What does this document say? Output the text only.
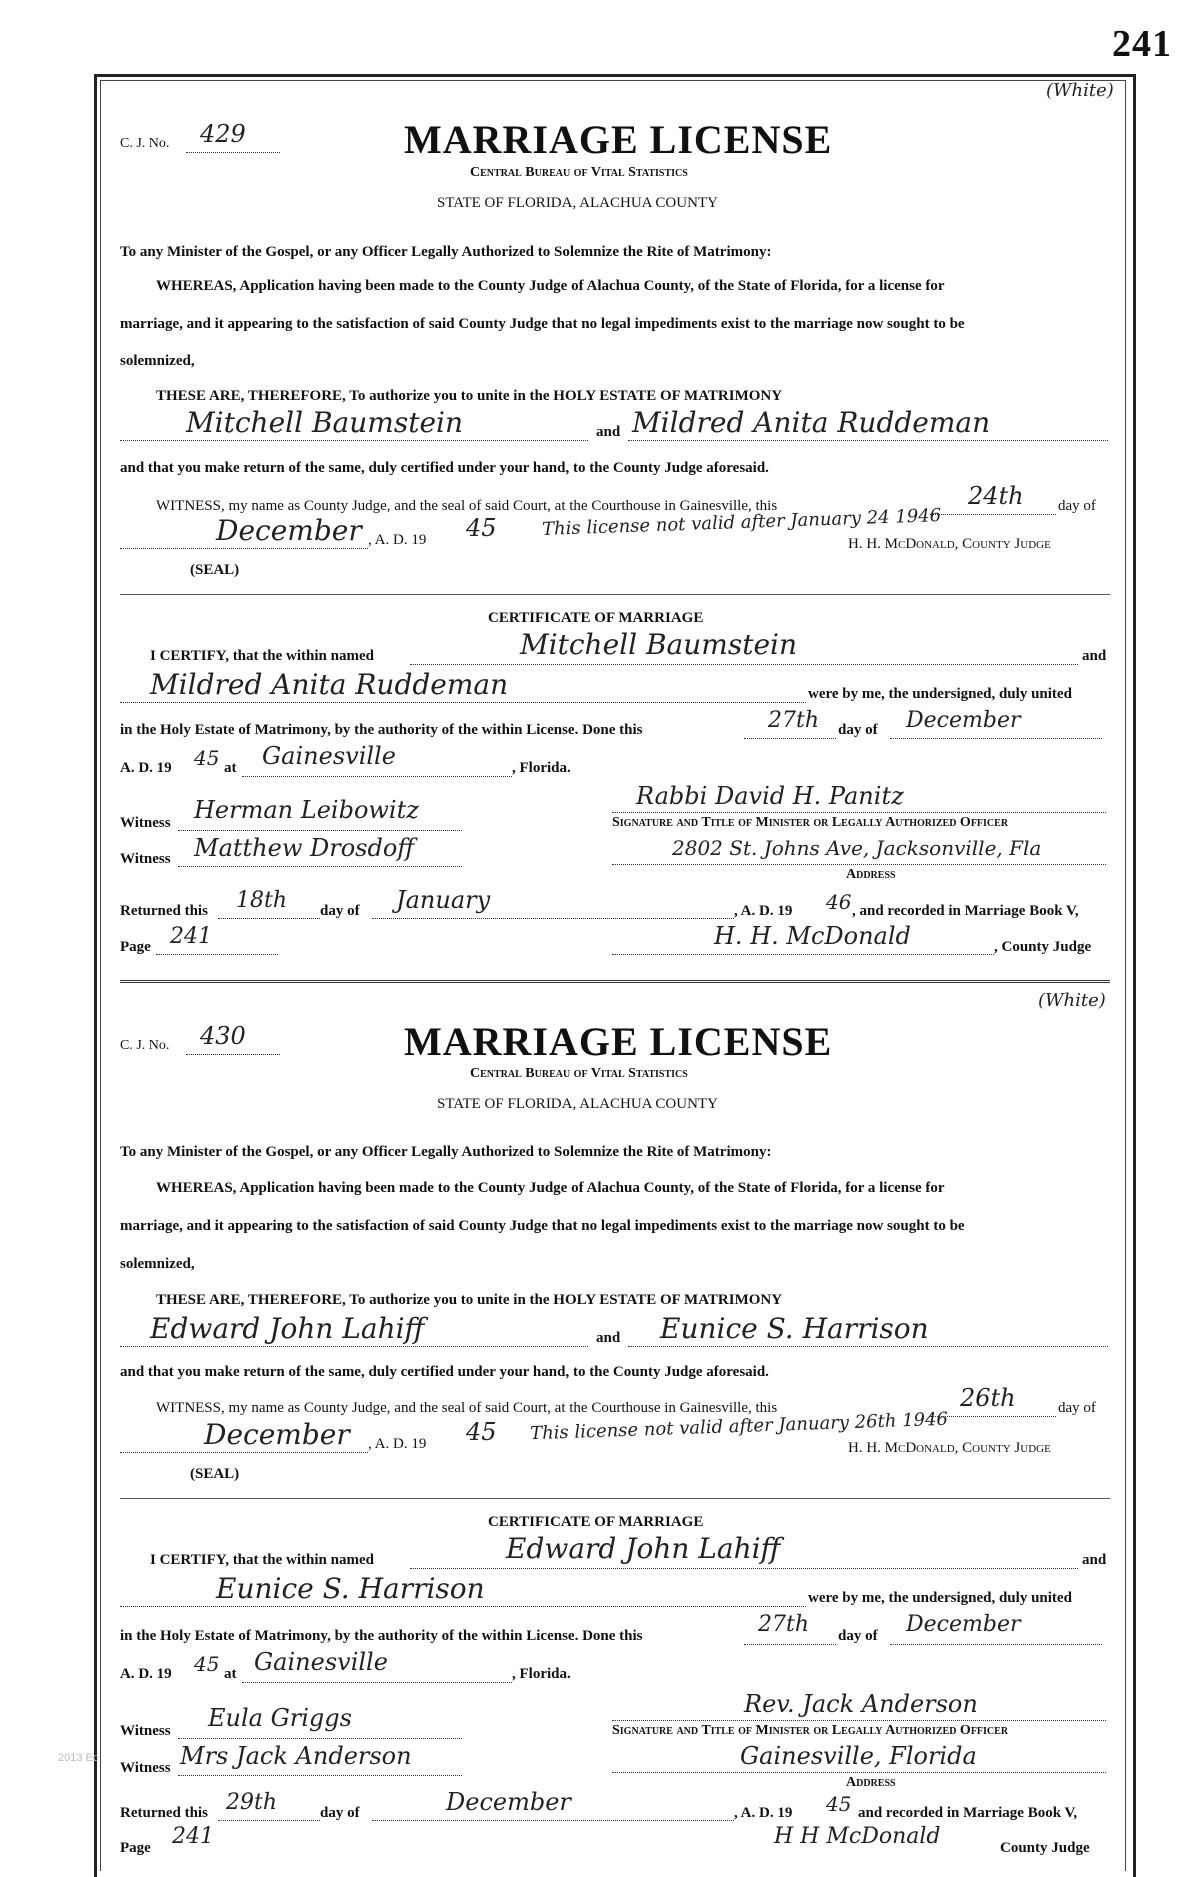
241
(White)
C. J. No. 429	MARRIAGE LICENSE
Central Bureau of Vital Statistics
STATE OF FLORIDA, ALACHUA COUNTY
To any Minister of the Gospel, or any Officer Legally Authorized to Solemnize the Rite of Matrimony:
WHEREAS, Application having been made to the County Judge of Alachua County, of the State of Florida, for a license for
marriage, and it appearing to the satisfaction of said County Judge that no legal impediments exist to the marriage now sought to be
solemnized,
THESE ARE, THEREFORE, To authorize you to unite in the HOLY ESTATE OF MATRIMONY
Mitchell Baumstein	and Mildred Anita Ruddeman
and that you make return of the same, duly certified under your hand, to the County Judge aforesaid.
WITNESS, my name as County Judge, and the seal of said Court, at the Courthouse in Gainesville, this	24th day of
December , A. D. 19 45	This license not valid after January 24 1946
H. H. McDonald, County Judge
(SEAL)
CERTIFICATE OF MARRIAGE
I CERTIFY, that the within named	Mitchell Baumstein	and
Mildred Anita Ruddeman	were by me, the undersigned, duly united
in the Holy Estate of Matrimony, by the authority of the within License. Done this	27th day of December
A. D. 19 45 at Gainesville	, Florida.
Witness Herman Leibowitz	Rabbi David H. Panitz
Signature and Title of Minister or Legally Authorized Officer
Witness Matthew Drosdoff	2802 St. Johns Ave, Jacksonville, Fla
Address
Returned this 18th day of January	, A. D. 19 46 , and recorded in Marriage Book V,
Page 241	H. H. McDonald	, County Judge
(White)
C. J. No. 430	MARRIAGE LICENSE
Central Bureau of Vital Statistics
STATE OF FLORIDA, ALACHUA COUNTY
To any Minister of the Gospel, or any Officer Legally Authorized to Solemnize the Rite of Matrimony:
WHEREAS, Application having been made to the County Judge of Alachua County, of the State of Florida, for a license for
marriage, and it appearing to the satisfaction of said County Judge that no legal impediments exist to the marriage now sought to be
solemnized,
THESE ARE, THEREFORE, To authorize you to unite in the HOLY ESTATE OF MATRIMONY
Edward John Lahiff	and Eunice S. Harrison
and that you make return of the same, duly certified under your hand, to the County Judge aforesaid.
WITNESS, my name as County Judge, and the seal of said Court, at the Courthouse in Gainesville, this	26th	day of
December , A. D. 19 45 This license not valid after January 26th 1946
H. H. McDonald, County Judge
(SEAL)
CERTIFICATE OF MARRIAGE
I CERTIFY, that the within named	Edward John Lahiff	and
Eunice S. Harrison	were by me, the undersigned, duly united
in the Holy Estate of Matrimony, by the authority of the within License. Done this	27th day of December
A. D. 19 45 at Gainesville	, Florida.
Rev. Jack Anderson
Witness Eula Griggs	Signature and Title of Minister or Legally Authorized Officer
Witness Mrs Jack Anderson	Gainesville, Florida
Address
Returned this 29th	day of	December	, A. D. 19 45 and recorded in Marriage Book V,
Page 241	H H McDonald	County Judge
2013 Ec
